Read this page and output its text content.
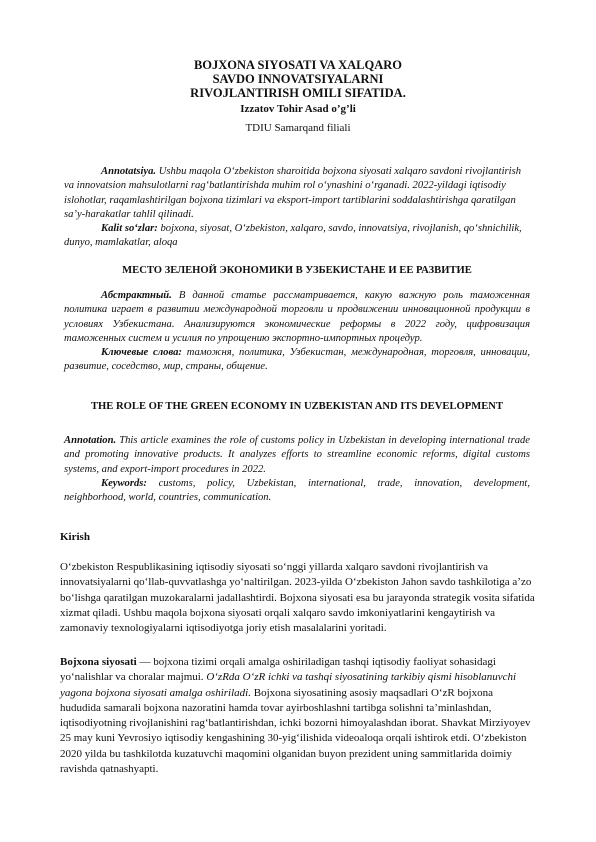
BOJXONA SIYOSATI VA XALQARO
SAVDO INNOVATSIYALARNI
RIVOJLANTIRISH OMILI SIFATIDA.
Izzatov Tohir Asad o’g’li
TDIU Samarqand filiali

Annotatsiya. Ushbu maqola O‘zbekiston sharoitida bojxona siyosati xalqaro savdoni rivojlantirish va innovatsion mahsulotlarni rag‘batlantirishda muhim rol o‘ynashini o‘rganadi. 2022-yildagi iqtisodiy islohotlar, raqamlashtirilgan bojxona tizimlari va eksport-import tartiblarini soddalashtirishga qaratilgan sa’y-harakatlar tahlil qilinadi.

Kalit so‘zlar: bojxona, siyosat, O‘zbekiston, xalqaro, savdo, innovatsiya, rivojlanish, qo‘shnichilik, dunyo, mamlakatlar, aloqa

МЕСТО ЗЕЛЕНОЙ ЭКОНОМИКИ В УЗБЕКИСТАНЕ И ЕЕ РАЗВИТИЕ

Абстрактный. В данной статье рассматривается, какую важную роль таможенная политика играет в развитии международной торговли и продвижении инновационной продукции в условиях Узбекистана. Анализируются экономические реформы в 2022 году, цифровизация таможенных систем и усилия по упрощению экспортно-импортных процедур.

Ключевые слова: таможня, политика, Узбекистан, международная, торговля, инновации, развитие, соседство, мир, страны, общение.

THE ROLE OF THE GREEN ECONOMY IN UZBEKISTAN AND ITS DEVELOPMENT

Annotation. This article examines the role of customs policy in Uzbekistan in developing international trade and promoting innovative products. It analyzes efforts to streamline economic reforms, digital customs systems, and export-import procedures in 2022.

Keywords: customs, policy, Uzbekistan, international, trade, innovation, development, neighborhood, world, countries, communication.

Kirish
O‘zbekiston Respublikasining iqtisodiy siyosati so‘nggi yillarda xalqaro savdoni rivojlantirish va innovatsiyalarni qo‘llab-quvvatlashga yo‘naltirilgan. 2023-yilda O‘zbekiston Jahon savdo tashkilotiga a’zo bo‘lishga qaratilgan muzokaralarni jadallashtirdi. Bojxona siyosati esa bu jarayonda strategik vosita sifatida xizmat qiladi. Ushbu maqola bojxona siyosati orqali xalqaro savdo imkoniyatlarini kengaytirish va zamonaviy texnologiyalarni iqtisodiyotga joriy etish masalalarini yoritadi.
Bojxona siyosati — bojxona tizimi orqali amalga oshiriladigan tashqi iqtisodiy faoliyat sohasidagi yo‘nalishlar va choralar majmui. O‘zRda O‘zR ichki va tashqi siyosatining tarkibiy qismi hisoblanuvchi yagona bojxona siyosati amalga oshiriladi. Bojxona siyosatining asosiy maqsadlari O‘zR bojxona hududida samarali bojxona nazoratini hamda tovar ayirboshlashni tartibga solishni ta’minlashdan, iqtisodiyotning rivojlanishini rag‘batlantirishdan, ichki bozorni himoyalashdan iborat. Shavkat Mirziyoyev 25 may kuni Yevrosiyo iqtisodiy kengashining 30-yig‘ilishida videoaloqa orqali ishtirok etdi. O‘zbekiston 2020 yilda bu tashkilotda kuzatuvchi maqomini olganidan buyon prezident uning sammitlarida doimiy ravishda qatnashyapti.
